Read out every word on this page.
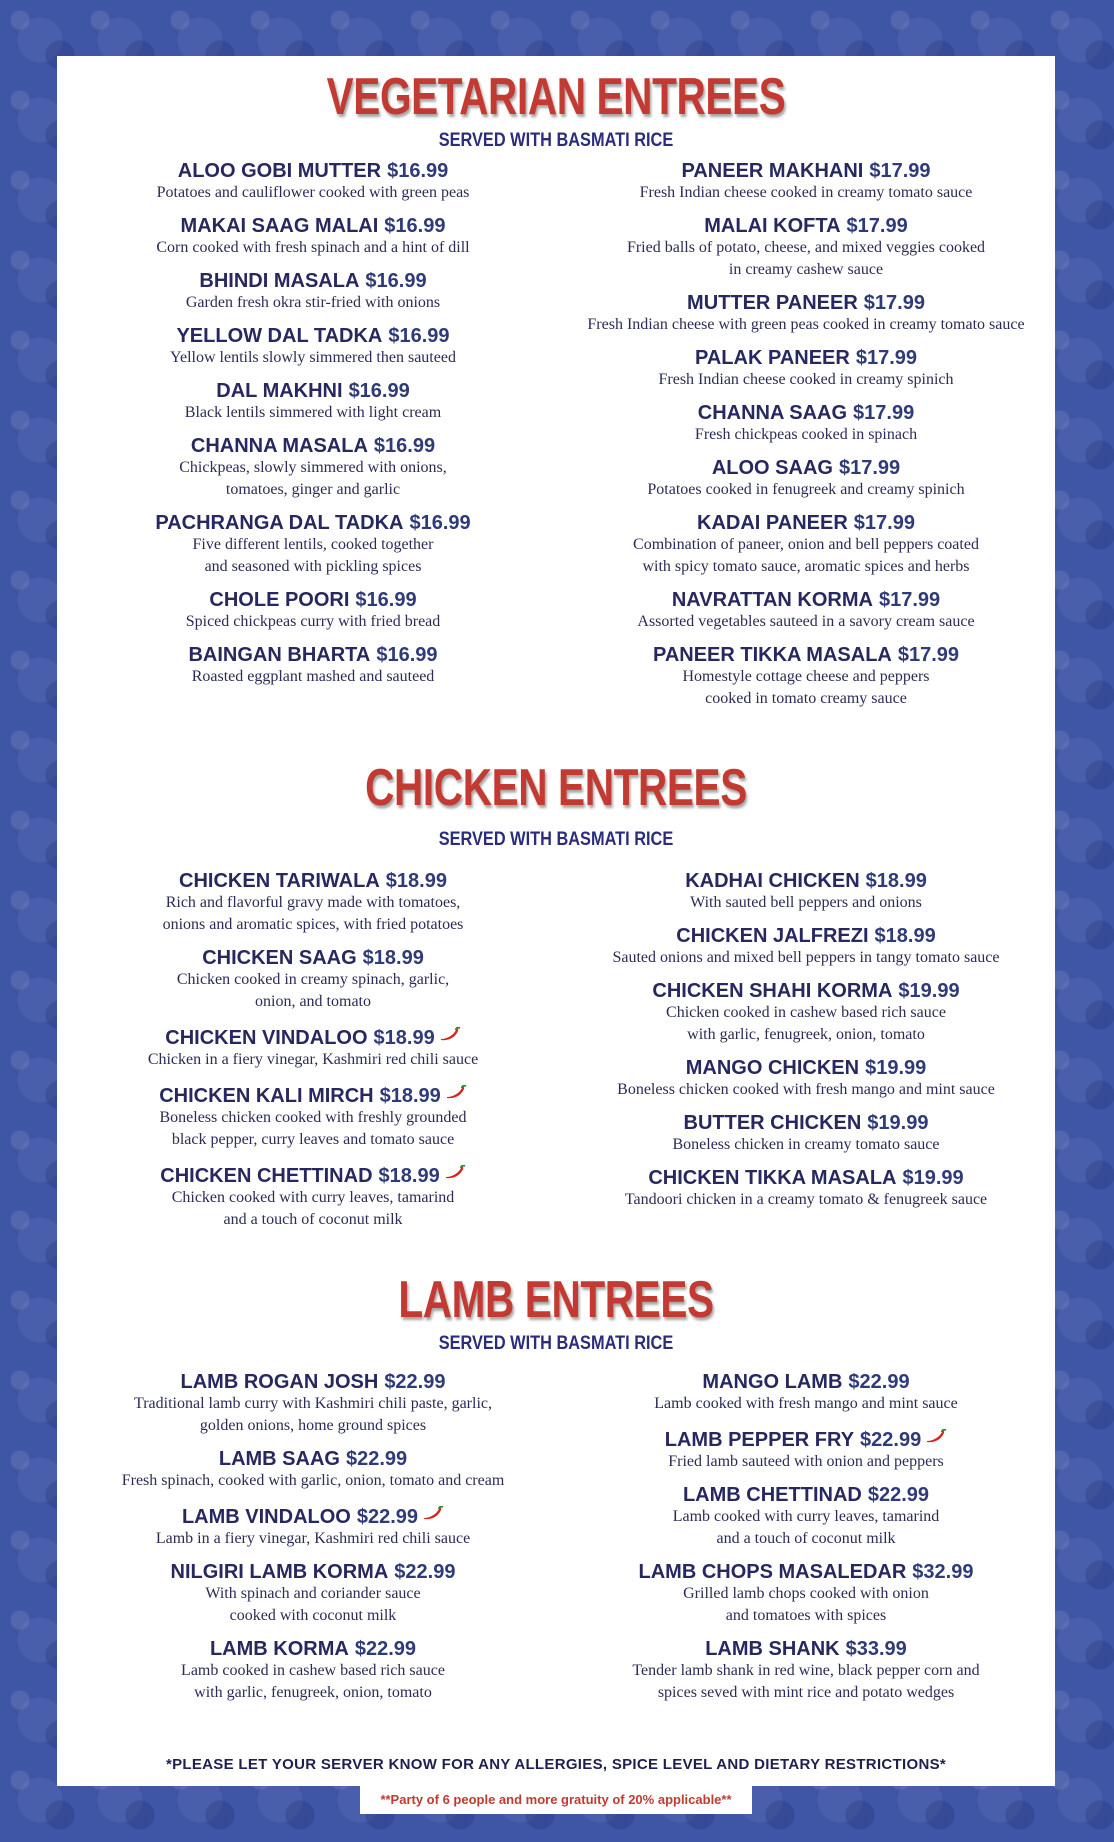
VEGETARIAN ENTREES
SERVED WITH BASMATI RICE
ALOO GOBI MUTTER $16.99
Potatoes and cauliflower cooked with green peas
MAKAI SAAG MALAI $16.99
Corn cooked with fresh spinach and a hint of dill
BHINDI MASALA $16.99
Garden fresh okra stir-fried with onions
YELLOW DAL TADKA $16.99
Yellow lentils slowly simmered then sauteed
DAL MAKHNI $16.99
Black lentils simmered with light cream
CHANNA MASALA $16.99
Chickpeas, slowly simmered with onions,
tomatoes, ginger and garlic
PACHRANGA DAL TADKA $16.99
Five different lentils, cooked together
and seasoned with pickling spices
CHOLE POORI $16.99
Spiced chickpeas curry with fried bread
BAINGAN BHARTA $16.99
Roasted eggplant mashed and sauteed
PANEER MAKHANI $17.99
Fresh Indian cheese cooked in creamy tomato sauce
MALAI KOFTA $17.99
Fried balls of potato, cheese, and mixed veggies cooked
in creamy cashew sauce
MUTTER PANEER $17.99
Fresh Indian cheese with green peas cooked in creamy tomato sauce
PALAK PANEER $17.99
Fresh Indian cheese cooked in creamy spinich
CHANNA SAAG $17.99
Fresh chickpeas cooked in spinach
ALOO SAAG $17.99
Potatoes cooked in fenugreek and creamy spinich
KADAI PANEER $17.99
Combination of paneer, onion and bell peppers coated
with spicy tomato sauce, aromatic spices and herbs
NAVRATTAN KORMA $17.99
Assorted vegetables sauteed in a savory cream sauce
PANEER TIKKA MASALA $17.99
Homestyle cottage cheese and peppers
cooked in tomato creamy sauce
CHICKEN ENTREES
SERVED WITH BASMATI RICE
CHICKEN TARIWALA $18.99
Rich and flavorful gravy made with tomatoes,
onions and aromatic spices, with fried potatoes
CHICKEN SAAG $18.99
Chicken cooked in creamy spinach, garlic,
onion, and tomato
CHICKEN VINDALOO $18.99
Chicken in a fiery vinegar, Kashmiri red chili sauce
CHICKEN KALI MIRCH $18.99
Boneless chicken cooked with freshly grounded
black pepper, curry leaves and tomato sauce
CHICKEN CHETTINAD $18.99
Chicken cooked with curry leaves, tamarind
and a touch of coconut milk
KADHAI CHICKEN $18.99
With sauted bell peppers and onions
CHICKEN JALFREZI $18.99
Sauted onions and mixed bell peppers in tangy tomato sauce
CHICKEN SHAHI KORMA $19.99
Chicken cooked in cashew based rich sauce
with garlic, fenugreek, onion, tomato
MANGO CHICKEN $19.99
Boneless chicken cooked with fresh mango and mint sauce
BUTTER CHICKEN $19.99
Boneless chicken in creamy tomato sauce
CHICKEN TIKKA MASALA $19.99
Tandoori chicken in a creamy tomato & fenugreek sauce
LAMB ENTREES
SERVED WITH BASMATI RICE
LAMB ROGAN JOSH $22.99
Traditional lamb curry with Kashmiri chili paste, garlic,
golden onions, home ground spices
LAMB SAAG $22.99
Fresh spinach, cooked with garlic, onion, tomato and cream
LAMB VINDALOO $22.99
Lamb in a fiery vinegar, Kashmiri red chili sauce
NILGIRI LAMB KORMA $22.99
With spinach and coriander sauce
cooked with coconut milk
LAMB KORMA $22.99
Lamb cooked in cashew based rich sauce
with garlic, fenugreek, onion, tomato
MANGO LAMB $22.99
Lamb cooked with fresh mango and mint sauce
LAMB PEPPER FRY $22.99
Fried lamb sauteed with onion and peppers
LAMB CHETTINAD $22.99
Lamb cooked with curry leaves, tamarind
and a touch of coconut milk
LAMB CHOPS MASALEDAR $32.99
Grilled lamb chops cooked with onion
and tomatoes with spices
LAMB SHANK $33.99
Tender lamb shank in red wine, black pepper corn and
spices seved with mint rice and potato wedges
*PLEASE LET YOUR SERVER KNOW FOR ANY ALLERGIES, SPICE LEVEL AND DIETARY RESTRICTIONS*
**Party of 6 people and more gratuity of 20% applicable**
